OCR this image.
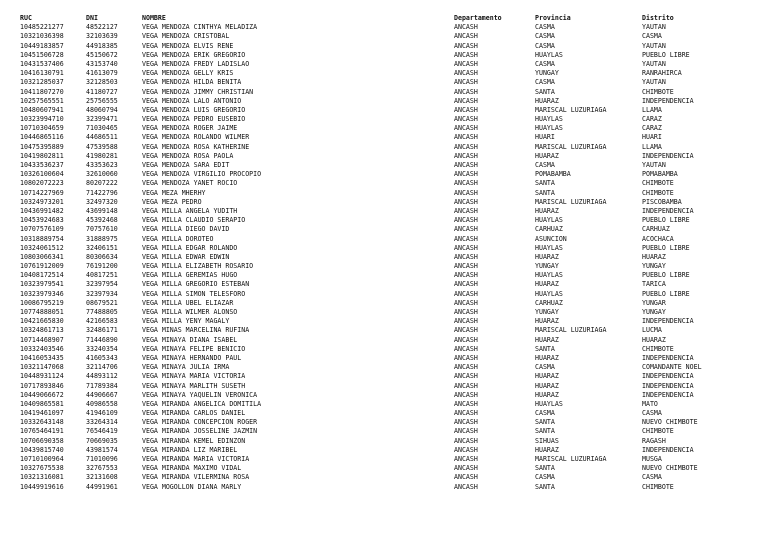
RUC	DNI	NOMBRE	Departamento	Provincia	Distrito
10485221277	48522127	VEGA MENDOZA CINTHYA MELADIZA	ANCASH	CASMA	YAUTAN
10321036398	32103639	VEGA MENDOZA CRISTOBAL	ANCASH	CASMA	CASMA
10449183857	44918385	VEGA MENDOZA ELVIS RENE	ANCASH	CASMA	YAUTAN
10451506728	45150672	VEGA MENDOZA ERIK GREGORIO	ANCASH	HUAYLAS	PUEBLO LIBRE
10431537406	43153740	VEGA MENDOZA FREDY LADISLAO	ANCASH	CASMA	YAUTAN
10416130791	41613079	VEGA MENDOZA GELLY KRIS	ANCASH	YUNGAY	RANRAHIRCA
10321285037	32128503	VEGA MENDOZA HILDA BENITA	ANCASH	CASMA	YAUTAN
10411807270	41180727	VEGA MENDOZA JIMMY CHRISTIAN	ANCASH	SANTA	CHIMBOTE
10257565551	25756555	VEGA MENDOZA LALO ANTONIO	ANCASH	HUARAZ	INDEPENDENCIA
10480607941	48060794	VEGA MENDOZA LUIS GREGORIO	ANCASH	MARISCAL LUZURIAGA	LLAMA
10323994710	32399471	VEGA MENDOZA PEDRO EUSEBIO	ANCASH	HUAYLAS	CARAZ
10710304659	71030465	VEGA MENDOZA ROGER JAIME	ANCASH	HUAYLAS	CARAZ
10446865116	44686511	VEGA MENDOZA ROLANDO WILMER	ANCASH	HUARI	HUARI
10475395889	47539588	VEGA MENDOZA ROSA KATHERINE	ANCASH	MARISCAL LUZURIAGA	LLAMA
10419802811	41980281	VEGA MENDOZA ROSA PAOLA	ANCASH	HUARAZ	INDEPENDENCIA
10433536237	43353623	VEGA MENDOZA SARA EDIT	ANCASH	CASMA	YAUTAN
10326100604	32610060	VEGA MENDOZA VIRGILIO PROCOPIO	ANCASH	POMABAMBA	POMABAMBA
10802072223	80207222	VEGA MENDOZA YANET ROCIO	ANCASH	SANTA	CHIMBOTE
10714227969	71422796	VEGA MEZA MHERHY	ANCASH	SANTA	CHIMBOTE
10324973201	32497320	VEGA MEZA PEDRO	ANCASH	MARISCAL LUZURIAGA	PISCOBAMBA
10436991482	43699148	VEGA MILLA ANGELA YUDITH	ANCASH	HUARAZ	INDEPENDENCIA
10453924683	45392468	VEGA MILLA CLAUDIO SERAPIO	ANCASH	HUAYLAS	PUEBLO LIBRE
10707576109	70757610	VEGA MILLA DIEGO DAVID	ANCASH	CARHUAZ	CARHUAZ
10318889754	31888975	VEGA MILLA DOROTEO	ANCASH	ASUNCION	ACOCHACA
10324061512	32406151	VEGA MILLA EDGAR ROLANDO	ANCASH	HUAYLAS	PUEBLO LIBRE
10803066341	80306634	VEGA MILLA EDWAR EDWIN	ANCASH	HUARAZ	HUARAZ
10761912009	76191200	VEGA MILLA ELIZABETH ROSARIO	ANCASH	YUNGAY	YUNGAY
10408172514	40817251	VEGA MILLA GEREMIAS HUGO	ANCASH	HUAYLAS	PUEBLO LIBRE
10323979541	32397954	VEGA MILLA GREGORIO ESTEBAN	ANCASH	HUARAZ	TARICA
10323979346	32397934	VEGA MILLA SIMON TELESFORO	ANCASH	HUAYLAS	PUEBLO LIBRE
10086795219	08679521	VEGA MILLA UBEL ELIAZAR	ANCASH	CARHUAZ	YUNGAR
10774888051	77488805	VEGA MILLA WILMER ALONSO	ANCASH	YUNGAY	YUNGAY
10421665830	42166583	VEGA MILLA YENY MAGALY	ANCASH	HUARAZ	INDEPENDENCIA
10324861713	32486171	VEGA MINAS MARCELINA RUFINA	ANCASH	MARISCAL LUZURIAGA	LUCMA
10714468907	71446890	VEGA MINAYA DIANA ISABEL	ANCASH	HUARAZ	HUARAZ
10332403546	33240354	VEGA MINAYA FELIPE BENICIO	ANCASH	SANTA	CHIMBOTE
10416053435	41605343	VEGA MINAYA HERNANDO PAUL	ANCASH	HUARAZ	INDEPENDENCIA
10321147068	32114706	VEGA MINAYA JULIA IRMA	ANCASH	CASMA	COMANDANTE NOEL
10448931124	44893112	VEGA MINAYA MARIA VICTORIA	ANCASH	HUARAZ	INDEPENDENCIA
10717893846	71789384	VEGA MINAYA MARLITH SUSETH	ANCASH	HUARAZ	INDEPENDENCIA
10449066672	44906667	VEGA MINAYA YAQUELIN VERONICA	ANCASH	HUARAZ	INDEPENDENCIA
10409865581	40986558	VEGA MIRANDA ANGELICA DOMITILA	ANCASH	HUAYLAS	MATO
10419461097	41946109	VEGA MIRANDA CARLOS DANIEL	ANCASH	CASMA	CASMA
10332643148	33264314	VEGA MIRANDA CONCEPCION ROGER	ANCASH	SANTA	NUEVO CHIMBOTE
10765464191	76546419	VEGA MIRANDA JOSSELINE JAZMIN	ANCASH	SANTA	CHIMBOTE
10706690358	70669035	VEGA MIRANDA KEMEL EDINZON	ANCASH	SIHUAS	RAGASH
10439815740	43981574	VEGA MIRANDA LIZ MARIBEL	ANCASH	HUARAZ	INDEPENDENCIA
10710100964	71010096	VEGA MIRANDA MARIA VICTORIA	ANCASH	MARISCAL LUZURIAGA	MUSGA
10327675538	32767553	VEGA MIRANDA MAXIMO VIDAL	ANCASH	SANTA	NUEVO CHIMBOTE
10321316081	32131608	VEGA MIRANDA VILERMINA ROSA	ANCASH	CASMA	CASMA
10449919616	44991961	VEGA MOGOLLON DIANA MARLY	ANCASH	SANTA	CHIMBOTE
